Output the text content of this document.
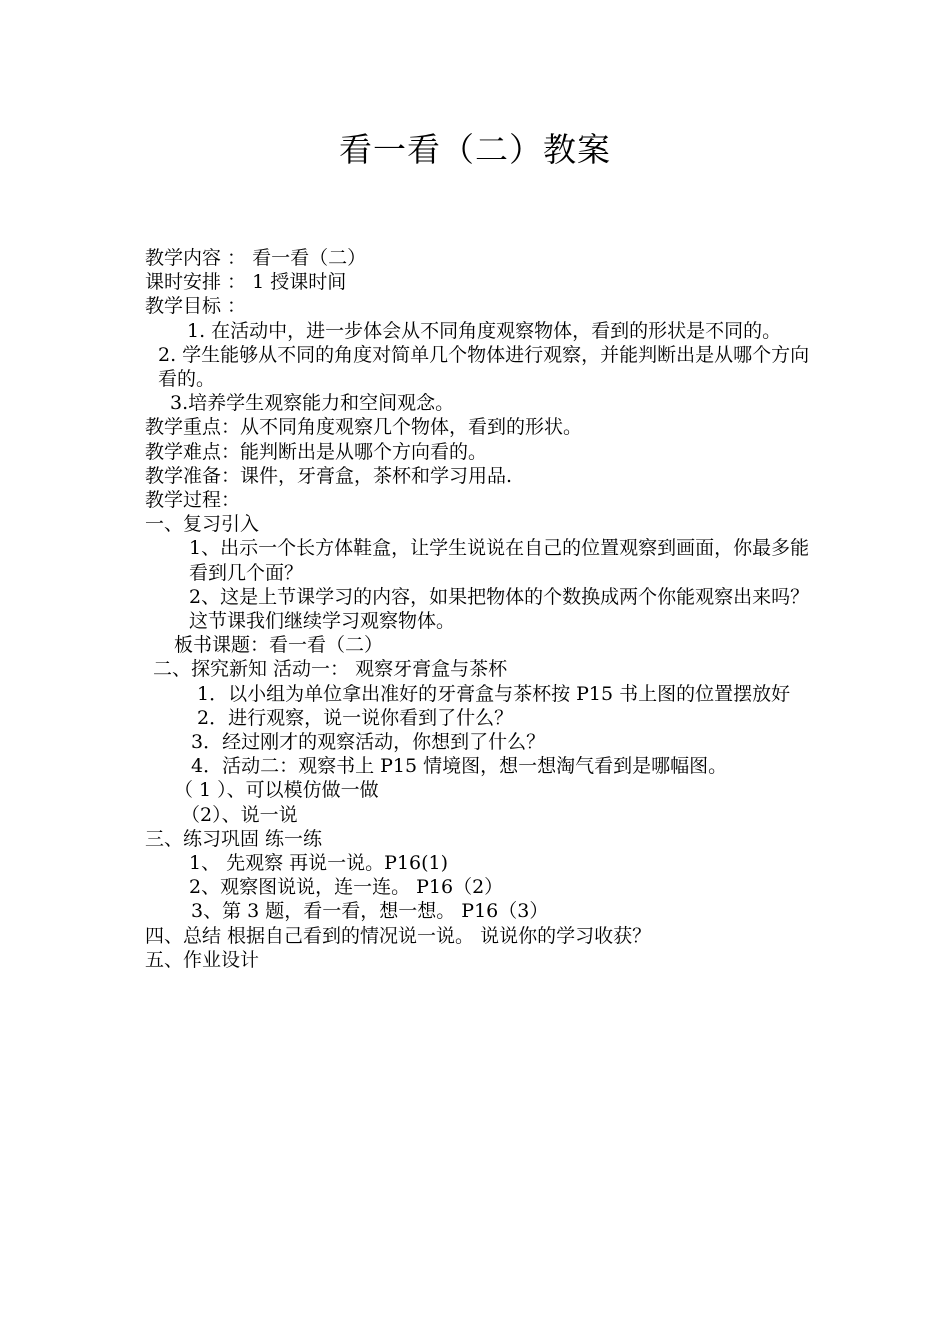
看一看（二）教案
教学内容 ： 看一看（二）
课时安排 ： 1 授课时间
教学目标 ：
1. 在活动中，进一步体会从不同角度观察物体，看到的形状是不同的。
2. 学生能够从不同的角度对简单几个物体进行观察，并能判断出是从哪个方向看的。
3.培养学生观察能力和空间观念。
教学重点：从不同角度观察几个物体，看到的形状。
教学难点：能判断出是从哪个方向看的。
教学准备：课件，牙膏盒，茶杯和学习用品.
教学过程：
一、复习引入
1、出示一个长方体鞋盒，让学生说说在自己的位置观察到画面，你最多能看到几个面？
2、这是上节课学习的内容，如果把物体的个数换成两个你能观察出来吗？这节课我们继续学习观察物体。
板书课题：看一看（二）
二、探究新知 活动一： 观察牙膏盒与茶杯
1．以小组为单位拿出准好的牙膏盒与茶杯按 P15 书上图的位置摆放好
2．进行观察，说一说你看到了什么？
3．经过刚才的观察活动，你想到了什么？
4．活动二：观察书上 P15 情境图，想一想淘气看到是哪幅图。
（ 1 ）、可以模仿做一做
（2）、说一说
三、练习巩固 练一练
1、 先观察 再说一说。P16(1)
2、观察图说说，连一连。 P16（2）
3、第 3 题，看一看，想一想。 P16（3）
四、总结 根据自己看到的情况说一说。 说说你的学习收获？
五、作业设计
